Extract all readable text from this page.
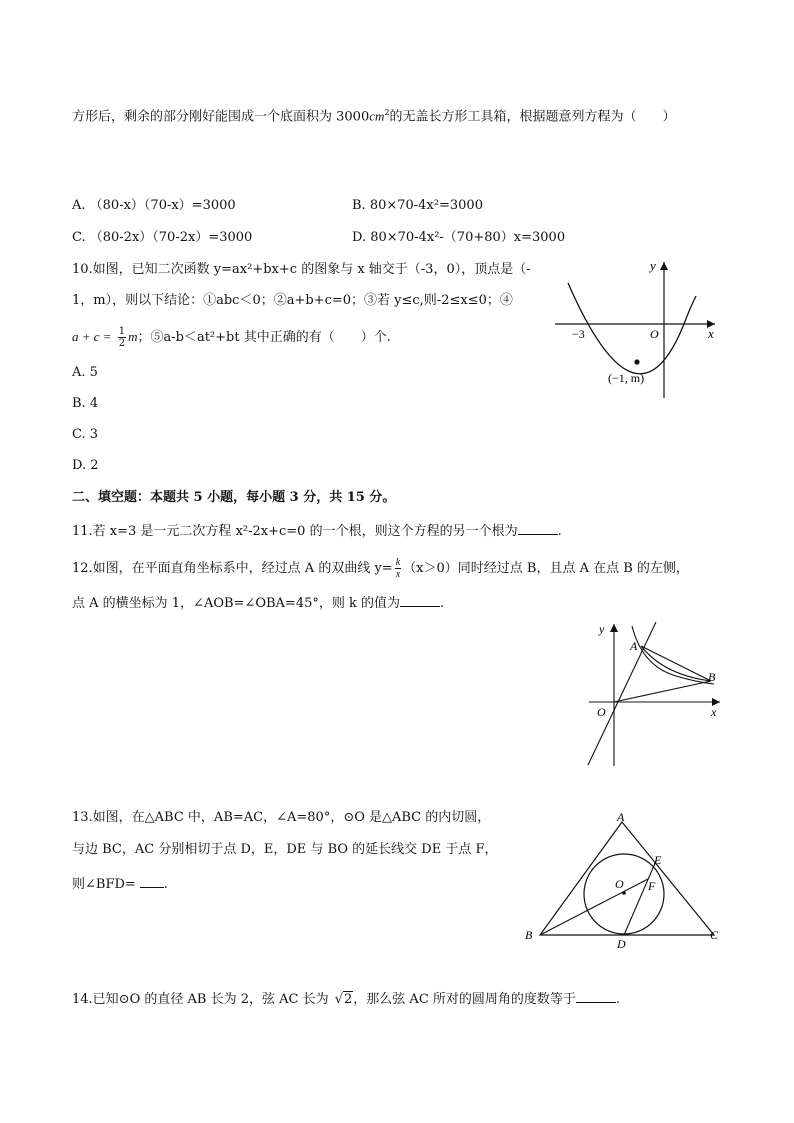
方形后，剩余的部分刚好能围成一个底面积为 $3000cm^2$的无盖长方形工具箱，根据题意列方程为（　　）
A. （80-x）（70-x）=3000	B. 80×70-4x²=3000
C. （80-2x）（70-2x）=3000	D. 80×70-4x²-（70+80）x=3000
10.如图，已知二次函数 y=ax²+bx+c 的图象与 x 轴交于（-3，0），顶点是（-
1，m），则以下结论：①abc＜0；②a+b+c=0；③若 y≤c,则-2≤x≤0；④
$a + c = \frac{1}{2}$ m；⑤a-b＜at²+bt 其中正确的有（　　）个.
A. 5
B. 4
C. 3
D. 2
y
x
−3	O
(−1, m)
二、填空题：本题共 5 小题，每小题 3 分，共 15 分。
11.若 x=3 是一元二次方程 x²-2x+c=0 的一个根，则这个方程的另一个根为	.
12.如图，在平面直角坐标系中，经过点 A 的双曲线 $y= \frac{k}{x} (x>0)$同时经过点 B，且点 A 在点 B 的左侧，
点 A 的横坐标为 1，∠AOB=∠OBA=45°，则 k 的值为	.
y
x
O
A
B
13.如图，在△ABC 中，AB=AC，∠A=80°，⊙O 是△ABC 的内切圆，
与边 BC，AC 分别相切于点 D，E，DE 与 BO 的延长线交 DE 于点 F，
则∠BFD= .
A
B	C
D
E
F
O
14.已知⊙O 的直径 AB 长为 2，弦 AC 长为 √2，那么弦 AC 所对的圆周角的度数等于	.
